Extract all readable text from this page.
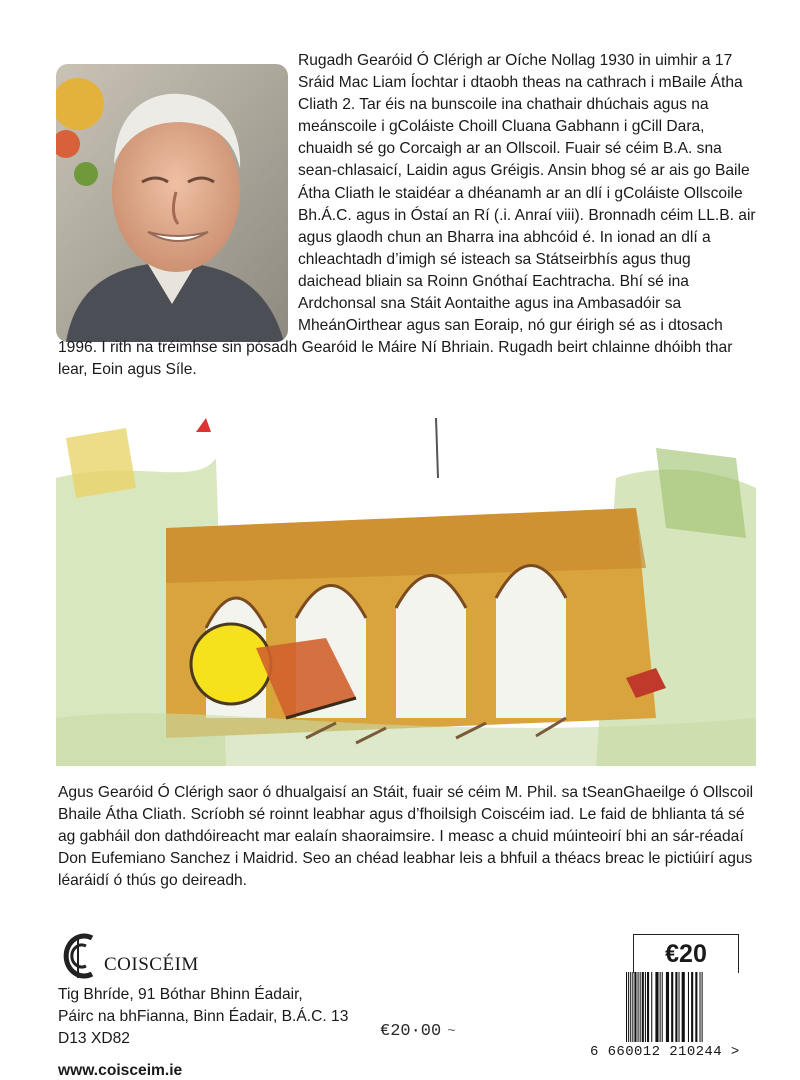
Rugadh Gearóid Ó Clérigh ar Oíche Nollag 1930 in uimhir a 17 Sráid Mac Liam Íochtar i dtaobh theas na cathrach i mBaile Átha Cliath 2. Tar éis na bunscoile ina chathair dhúchais agus na meánscoile i gColáiste Choill Cluana Gabhann i gCill Dara, chuaidh sé go Corcaigh ar an Ollscoil. Fuair sé céim B.A. sna sean-chlasaicí, Laidin agus Gréigis. Ansin bhog sé ar ais go Baile Átha Cliath le staidéar a dhéanamh ar an dlí i gColáiste Ollscoile Bh.Á.C. agus in Óstaí an Rí (.i. Anraí viii). Bronnadh céim LL.B. air agus glaodh chun an Bharra ina abhcóid é. In ionad an dlí a chleachtadh d’imigh sé isteach sa Státseirbhís agus thug daichead bliain sa Roinn Gnóthaí Eachtracha. Bhí sé ina Ardchonsal sna Stáit Aontaithe agus ina Ambasadóir sa MheánOirthear agus san Eoraip, nó gur éirigh sé as i dtosach 1996. I rith na tréimhse sin pósadh Gearóid le Máire Ní Bhriain. Rugadh beirt chlainne dhóibh thar lear, Eoin agus Síle.

Agus Gearóid Ó Clérigh saor ó dhualgaisí an Stáit, fuair sé céim M. Phil. sa tSeanGhaeilge ó Ollscoil Bhaile Átha Cliath. Scríobh sé roinnt leabhar agus d’fhoilsigh Coiscéim iad. Le faid de bhlianta tá sé ag gabháil don dathdóireacht mar ealaín shaoraimsire. I measc a chuid múinteoirí bhi an sár-réadaí Don Eufemiano Sanchez i Maidrid. Seo an chéad leabhar leis a bhfuil a théacs breac le pictiúirí agus léaráidí ó thús go deireadh.

COISCÉIM
Tig Bhríde, 91 Bóthar Bhinn Éadair,
Páirc na bhFianna, Binn Éadair, B.Á.C. 13
D13 XD82
www.coisceim.ie
€20·00 ~
€20
6 660012 210244 >
